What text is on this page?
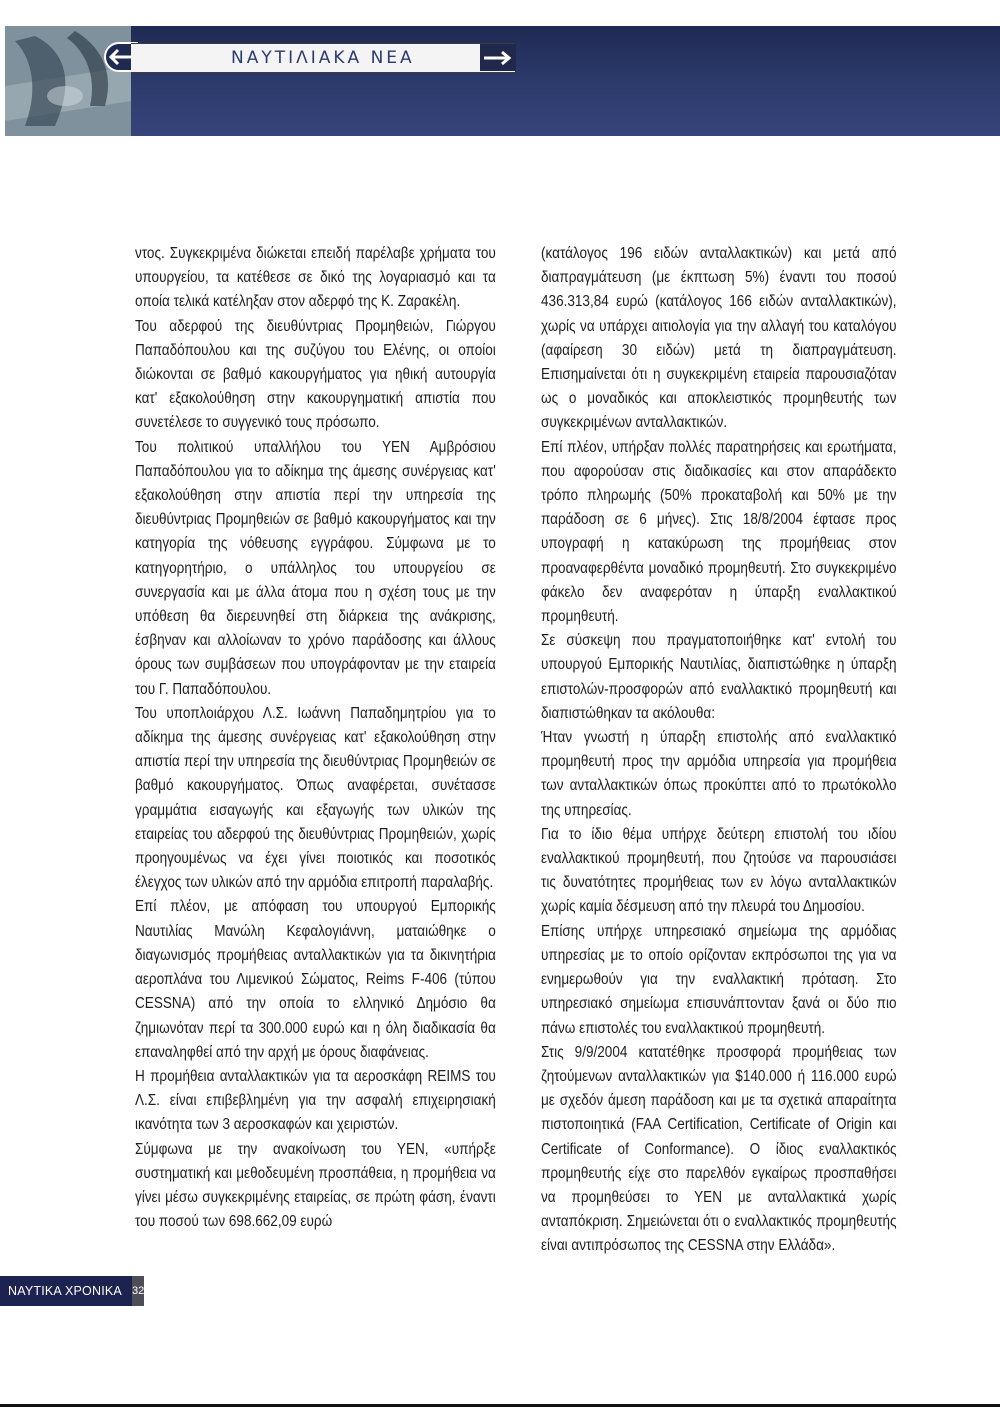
ΝΑΥΤΙΛΙΑΚΑ ΝΕΑ

ντος. Συγκεκριμένα διώκεται επειδή παρέλαβε χρήματα του υπουργείου, τα κατέθεσε σε δικό της λογαριασμό και τα οποία τελικά κατέληξαν στον αδερφό της Κ. Ζαρακέλη.

Του αδερφού της διευθύντριας Προμηθειών, Γιώργου Παπαδόπουλου και της συζύγου του Ελένης, οι οποίοι διώκονται σε βαθμό κακουργήματος για ηθική αυτουργία κατ' εξακολούθηση στην κακουργηματική απιστία που συνετέλεσε το συγγενικό τους πρόσωπο.

Του πολιτικού υπαλλήλου του ΥΕΝ Αμβρόσιου Παπαδόπουλου για το αδίκημα της άμεσης συνέργειας κατ' εξακολούθηση στην απιστία περί την υπηρεσία της διευθύντριας Προμηθειών σε βαθμό κακουργήματος και την κατηγορία της νόθευσης εγγράφου. Σύμφωνα με το κατηγορητήριο, ο υπάλληλος του υπουργείου σε συνεργασία και με άλλα άτομα που η σχέση τους με την υπόθεση θα διερευνηθεί στη διάρκεια της ανάκρισης, έσβηναν και αλλοίωναν το χρόνο παράδοσης και άλλους όρους των συμβάσεων που υπογράφονταν με την εταιρεία του Γ. Παπαδόπουλου.

Του υποπλοιάρχου Λ.Σ. Ιωάννη Παπαδημητρίου για το αδίκημα της άμεσης συνέργειας κατ' εξακολούθηση στην απιστία περί την υπηρεσία της διευθύντριας Προμηθειών σε βαθμό κακουργήματος. Όπως αναφέρεται, συνέτασσε γραμμάτια εισαγωγής και εξαγωγής των υλικών της εταιρείας του αδερφού της διευθύντριας Προμηθειών, χωρίς προηγουμένως να έχει γίνει ποιοτικός και ποσοτικός έλεγχος των υλικών από την αρμόδια επιτροπή παραλαβής.

Επί πλέον, με απόφαση του υπουργού Εμπορικής Ναυτιλίας Μανώλη Κεφαλογιάννη, ματαιώθηκε ο διαγωνισμός προμήθειας ανταλλακτικών για τα δικινητήρια αεροπλάνα του Λιμενικού Σώματος, Reims F-406 (τύπου CESSNA) από την οποία το ελληνικό Δημόσιο θα ζημιωνόταν περί τα 300.000 ευρώ και η όλη διαδικασία θα επαναληφθεί από την αρχή με όρους διαφάνειας.

Η προμήθεια ανταλλακτικών για τα αεροσκάφη REIMS του Λ.Σ. είναι επιβεβλημένη για την ασφαλή επιχειρησιακή ικανότητα των 3 αεροσκαφών και χειριστών.

Σύμφωνα με την ανακοίνωση του ΥΕΝ, «υπήρξε συστηματική και μεθοδευμένη προσπάθεια, η προμήθεια να γίνει μέσω συγκεκριμένης εταιρείας, σε πρώτη φάση, έναντι του ποσού των 698.662,09 ευρώ

(κατάλογος 196 ειδών ανταλλακτικών) και μετά από διαπραγμάτευση (με έκπτωση 5%) έναντι του ποσού 436.313,84 ευρώ (κατάλογος 166 ειδών ανταλλακτικών), χωρίς να υπάρχει αιτιολογία για την αλλαγή του καταλόγου (αφαίρεση 30 ειδών) μετά τη διαπραγμάτευση. Επισημαίνεται ότι η συγκεκριμένη εταιρεία παρουσιαζόταν ως ο μοναδικός και αποκλειστικός προμηθευτής των συγκεκριμένων ανταλλακτικών.

Επί πλέον, υπήρξαν πολλές παρατηρήσεις και ερωτήματα, που αφορούσαν στις διαδικασίες και στον απαράδεκτο τρόπο πληρωμής (50% προκαταβολή και 50% με την παράδοση σε 6 μήνες). Στις 18/8/2004 έφτασε προς υπογραφή η κατακύρωση της προμήθειας στον προαναφερθέντα μοναδικό προμηθευτή. Στο συγκεκριμένο φάκελο δεν αναφερόταν η ύπαρξη εναλλακτικού προμηθευτή.

Σε σύσκεψη που πραγματοποιήθηκε κατ' εντολή του υπουργού Εμπορικής Ναυτιλίας, διαπιστώθηκε η ύπαρξη επιστολών-προσφορών από εναλλακτικό προμηθευτή και διαπιστώθηκαν τα ακόλουθα:

Ήταν γνωστή η ύπαρξη επιστολής από εναλλακτικό προμηθευτή προς την αρμόδια υπηρεσία για προμήθεια των ανταλλακτικών όπως προκύπτει από το πρωτόκολλο της υπηρεσίας.

Για το ίδιο θέμα υπήρχε δεύτερη επιστολή του ιδίου εναλλακτικού προμηθευτή, που ζητούσε να παρουσιάσει τις δυνατότητες προμήθειας των εν λόγω ανταλλακτικών χωρίς καμία δέσμευση από την πλευρά του Δημοσίου.

Επίσης υπήρχε υπηρεσιακό σημείωμα της αρμόδιας υπηρεσίας με το οποίο ορίζονταν εκπρόσωποι της για να ενημερωθούν για την εναλλακτική πρόταση. Στο υπηρεσιακό σημείωμα επισυνάπτονταν ξανά οι δύο πιο πάνω επιστολές του εναλλακτικού προμηθευτή.

Στις 9/9/2004 κατατέθηκε προσφορά προμήθειας των ζητούμενων ανταλλακτικών για $140.000 ή 116.000 ευρώ με σχεδόν άμεση παράδοση και με τα σχετικά απαραίτητα πιστοποιητικά (FAA Certification, Certificate of Origin και Certificate of Conformance). Ο ίδιος εναλλακτικός προμηθευτής είχε στο παρελθόν εγκαίρως προσπαθήσει να προμηθεύσει το ΥΕΝ με ανταλλακτικά χωρίς ανταπόκριση. Σημειώνεται ότι ο εναλλακτικός προμηθευτής είναι αντιπρόσωπος της CESSNA στην Ελλάδα».

ΝΑΥΤΙΚΑ ΧΡΟΝΙΚΑ 32
